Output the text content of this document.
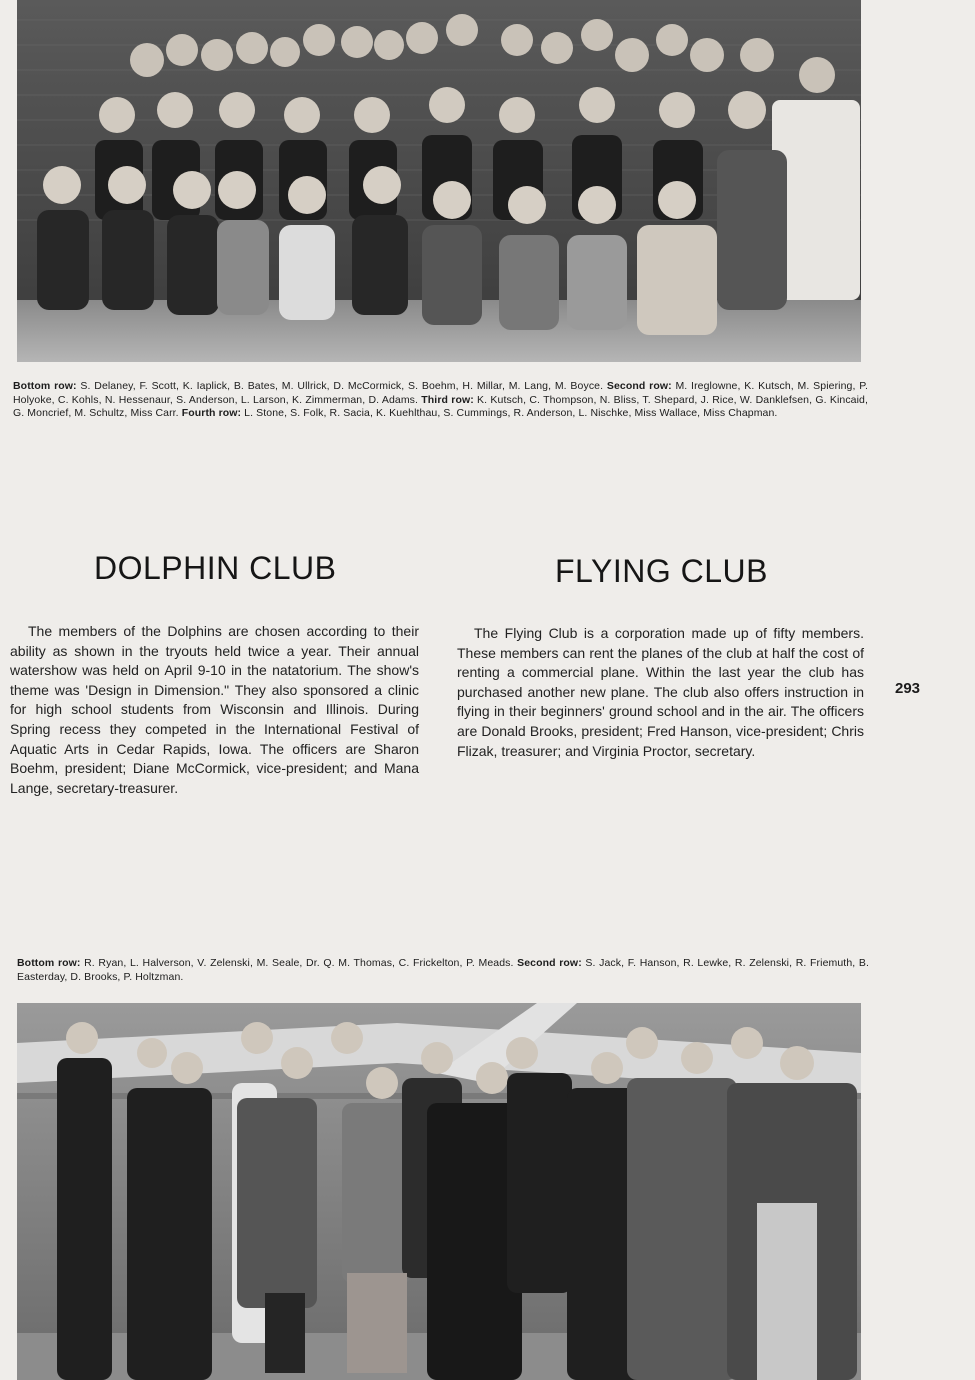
Bottom row: S. Delaney, F. Scott, K. Iaplick, B. Bates, M. Ullrick, D. McCormick, S. Boehm, H. Millar, M. Lang, M. Boyce. Second row: M. Ireglowne, K. Kutsch, M. Spiering, P. Holyoke, C. Kohls, N. Hessenaur, S. Anderson, L. Larson, K. Zimmerman, D. Adams. Third row: K. Kutsch, C. Thompson, N. Bliss, T. Shepard, J. Rice, W. Danklefsen, G. Kincaid, G. Moncrief, M. Schultz, Miss Carr. Fourth row: L. Stone, S. Folk, R. Sacia, K. Kuehlthau, S. Cummings, R. Anderson, L. Nischke, Miss Wallace, Miss Chapman.
DOLPHIN CLUB	FLYING CLUB

The members of the Dolphins are chosen according to their ability as shown in the tryouts held twice a year. Their annual watershow was held on April 9-10 in the natatorium. The show's theme was 'Design in Dimension." They also sponsored a clinic for high school students from Wisconsin and Illinois. During Spring recess they competed in the International Festival of Aquatic Arts in Cedar Rapids, Iowa. The officers are Sharon Boehm, president; Diane McCormick, vice-president; and Mana Lange, secretary-treasurer.

The Flying Club is a corporation made up of fifty members. These members can rent the planes of the club at half the cost of renting a commercial plane. Within the last year the club has purchased another new plane. The club also offers instruction in flying in their beginners' ground school and in the air. The officers are Donald Brooks, president; Fred Hanson, vice-president; Chris Flizak, treasurer; and Virginia Proctor, secretary.

293
Bottom row: R. Ryan, L. Halverson, V. Zelenski, M. Seale, Dr. Q. M. Thomas, C. Frickelton, P. Meads. Second row: S. Jack, F. Hanson, R. Lewke, R. Zelenski, R. Friemuth, B. Easterday, D. Brooks, P. Holtzman.
